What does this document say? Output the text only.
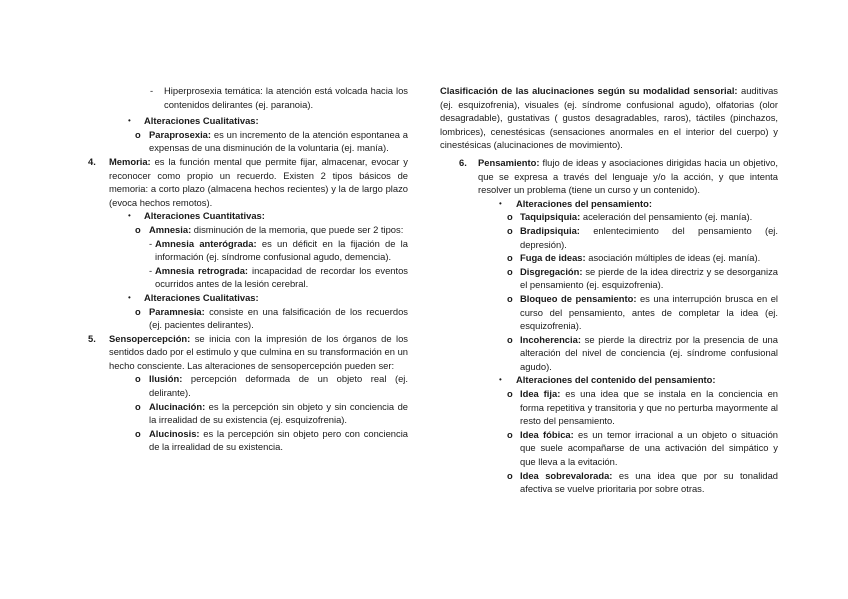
- Hiperprosexia temática: la atención está volcada hacia los contenidos delirantes (ej. paranoia).

• Alteraciones Cualitativas:

o Paraprosexia: es un incremento de la atención espontanea a expensas de una disminución de la voluntaria (ej. manía).

4. Memoria: es la función mental que permite fijar, almacenar, evocar y reconocer como propio un recuerdo. Existen 2 tipos básicos de memoria: a corto plazo (almacena hechos recientes) y la de largo plazo (evoca hechos remotos).

• Alteraciones Cuantitativas:

o Amnesia: disminución de la memoria, que puede ser 2 tipos:

- Amnesia anterógrada: es un déficit en la fijación de la información (ej. síndrome confusional agudo, demencia).

- Amnesia retrograda: incapacidad de recordar los eventos ocurridos antes de la lesión cerebral.

• Alteraciones Cualitativas:

o Paramnesia: consiste en una falsificación de los recuerdos (ej. pacientes delirantes).

5. Sensopercepción: se inicia con la impresión de los órganos de los sentidos dado por el estimulo y que culmina en su transformación en un hecho consciente. Las alteraciones de sensopercepción pueden ser:

o Ilusión: percepción deformada de un objeto real (ej. delirante).

o Alucinación: es la percepción sin objeto y sin conciencia de la irrealidad de su existencia (ej. esquizofrenia).

o Alucinosis: es la percepción sin objeto pero con conciencia de la irrealidad de su existencia.

Clasificación de las alucinaciones según su modalidad sensorial: auditivas (ej. esquizofrenia), visuales (ej. síndrome confusional agudo), olfatorias (olor desagradable), gustativas ( gustos desagradables, raros), táctiles (pinchazos, lombrices), cenestésicas (sensaciones anormales en el interior del cuerpo) y cinestésicas (alucinaciones de movimiento).

6. Pensamiento: flujo de ideas y asociaciones dirigidas hacia un objetivo, que se expresa a través del lenguaje y/o la acción, y que intenta resolver un problema (tiene un curso y un contenido).

• Alteraciones del pensamiento:

o Taquipsiquia: aceleración del pensamiento (ej. manía).

o Bradipsiquia: enlentecimiento del pensamiento (ej. depresión).

o Fuga de ideas: asociación múltiples de ideas (ej. manía).

o Disgregación: se pierde de la idea directriz y se desorganiza el pensamiento (ej. esquizofrenia).

o Bloqueo de pensamiento: es una interrupción brusca en el curso del pensamiento, antes de completar la idea (ej. esquizofrenia).

o Incoherencia: se pierde la directriz por la presencia de una alteración del nivel de conciencia (ej. síndrome confusional agudo).

• Alteraciones del contenido del pensamiento:

o Idea fija: es una idea que se instala en la conciencia en forma repetitiva y transitoria y que no perturba mayormente al resto del pensamiento.

o Idea fóbica: es un temor irracional a un objeto o situación que suele acompañarse de una activación del simpático y que lleva a la evitación.

o Idea sobrevalorada: es una idea que por su tonalidad afectiva se vuelve prioritaria por sobre otras.
